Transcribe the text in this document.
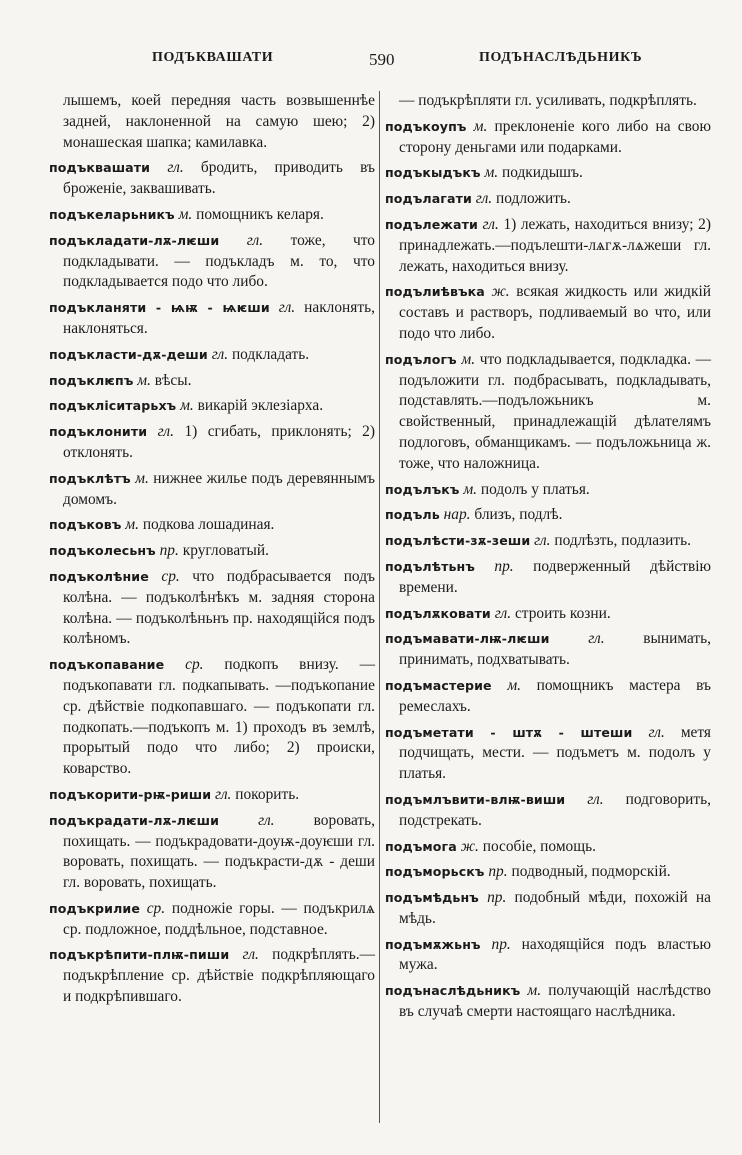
ПОДЪКВАШАТИ	590	ПОДЪНАСЛѢДЬНИКЪ

лышемъ, коей передняя часть возвышеннѣе задней, наклоненной на самую шею; 2) монашеская шапка; камилавка.

подъквашати гл. бродить, приводить въ броженіе, заквашивать.

подъкеларьникъ м. помощникъ келаря.

подъкладати-лѫ-лѥши гл. тоже, что подкладывати. — подъкладъ м. то, что подкладывается подо что либо.

подъкланяти - ѩѭ - ѩѥши гл. наклонять, наклоняться.

подъкласти-дѫ-деши гл. подкладать.

подъклѥпъ м. вѣсы.

подъкліситарьхъ м. викарій эклезіарха.

подъклонити гл. 1) сгибать, приклонять; 2) отклонять.

подъклѣтъ м. нижнее жилье подъ деревяннымъ домомъ.

подъковъ м. подкова лошадиная.

подъколесьнъ пр. кругловатый.

подъколѣние ср. что подбрасывается подъ колѣна. — подъколѣнѣкъ м. задняя сторона колѣна. — подъколѣньнъ пр. находящійся подъ колѣномъ.

подъкопавание ср. подкопъ внизу. — подъкопавати гл. подкапывать. —подъкопание ср. дѣйствіе подкопавшаго. — подъкопати гл. подкопать.—подъкопъ м. 1) проходъ въ землѣ, прорытый подо что либо; 2) происки, коварство.

подъкорити-рѭ-риши гл. покорить.

подъкрадати-лѫ-лѥши	гл.	воровать, похищать. — подъкрадовати-доуѭ-доуѥши гл. воровать, похищать. — подъкрасти-дѫ - деши гл. воровать, похищать.

подъкрилие ср. подножіе горы. — подъкрилѧ ср. подложное, поддѣльное, подставное.

подъкрѣпити-плѭ-пиши гл. подкрѣплять.—подъкрѣпление ср. дѣйствіе подкрѣпляющаго и подкрѣпившаго.

— подъкрѣпляти гл. усиливать, подкрѣплять.

подъкоупъ м. преклоненіе кого либо на свою сторону деньгами или подарками.

подъкыдъкъ м. подкидышъ.

подълагати гл. подложить.

подълежати гл. 1) лежать, находиться внизу; 2) принадлежать.—подълешти-лѧгѫ-лѧжеши гл. лежать, находиться внизу.

подълиѣвъка ж. всякая жидкость или жидкій составъ и растворъ, подливаемый во что, или подо что либо.

подълогъ м. что подкладывается, подкладка. — подъложити гл. подбрасывать, подкладывать, подставлять.—подъложьникъ м. свойственный, принадлежащій дѣлателямъ подлоговъ, обманщикамъ. — подъложьница ж. тоже, что наложница.

подълъкъ м. подолъ у платья.

подъль нар. близъ, подлѣ.

подълѣсти-зѫ-зеши гл. подлѣзть, подлазить.

подълѣтьнъ пр. подверженный дѣйствію времени.

подълѫковати гл. строить козни.

подъмавати-лѭ-лѥши	гл.	вынимать, принимать, подхватывать.

подъмастерие м. помощникъ мастера въ ремеслахъ.

подъметати - штѫ - штеши гл. метя подчищать, мести. — подъметъ м. подолъ у платья.

подъмлъвити-влѭ-виши гл. подговорить, подстрекать.

подъмога ж. пособіе, помощь.

подъморьскъ пр. подводный, подморскій.

подъмѣдьнъ пр. подобный мѣди, похожій на мѣдь.

подъмѫжьнъ пр. находящійся подъ властью мужа.

подънаслѣдьникъ м. получающій наслѣдство въ случаѣ смерти настоящаго наслѣдника.
